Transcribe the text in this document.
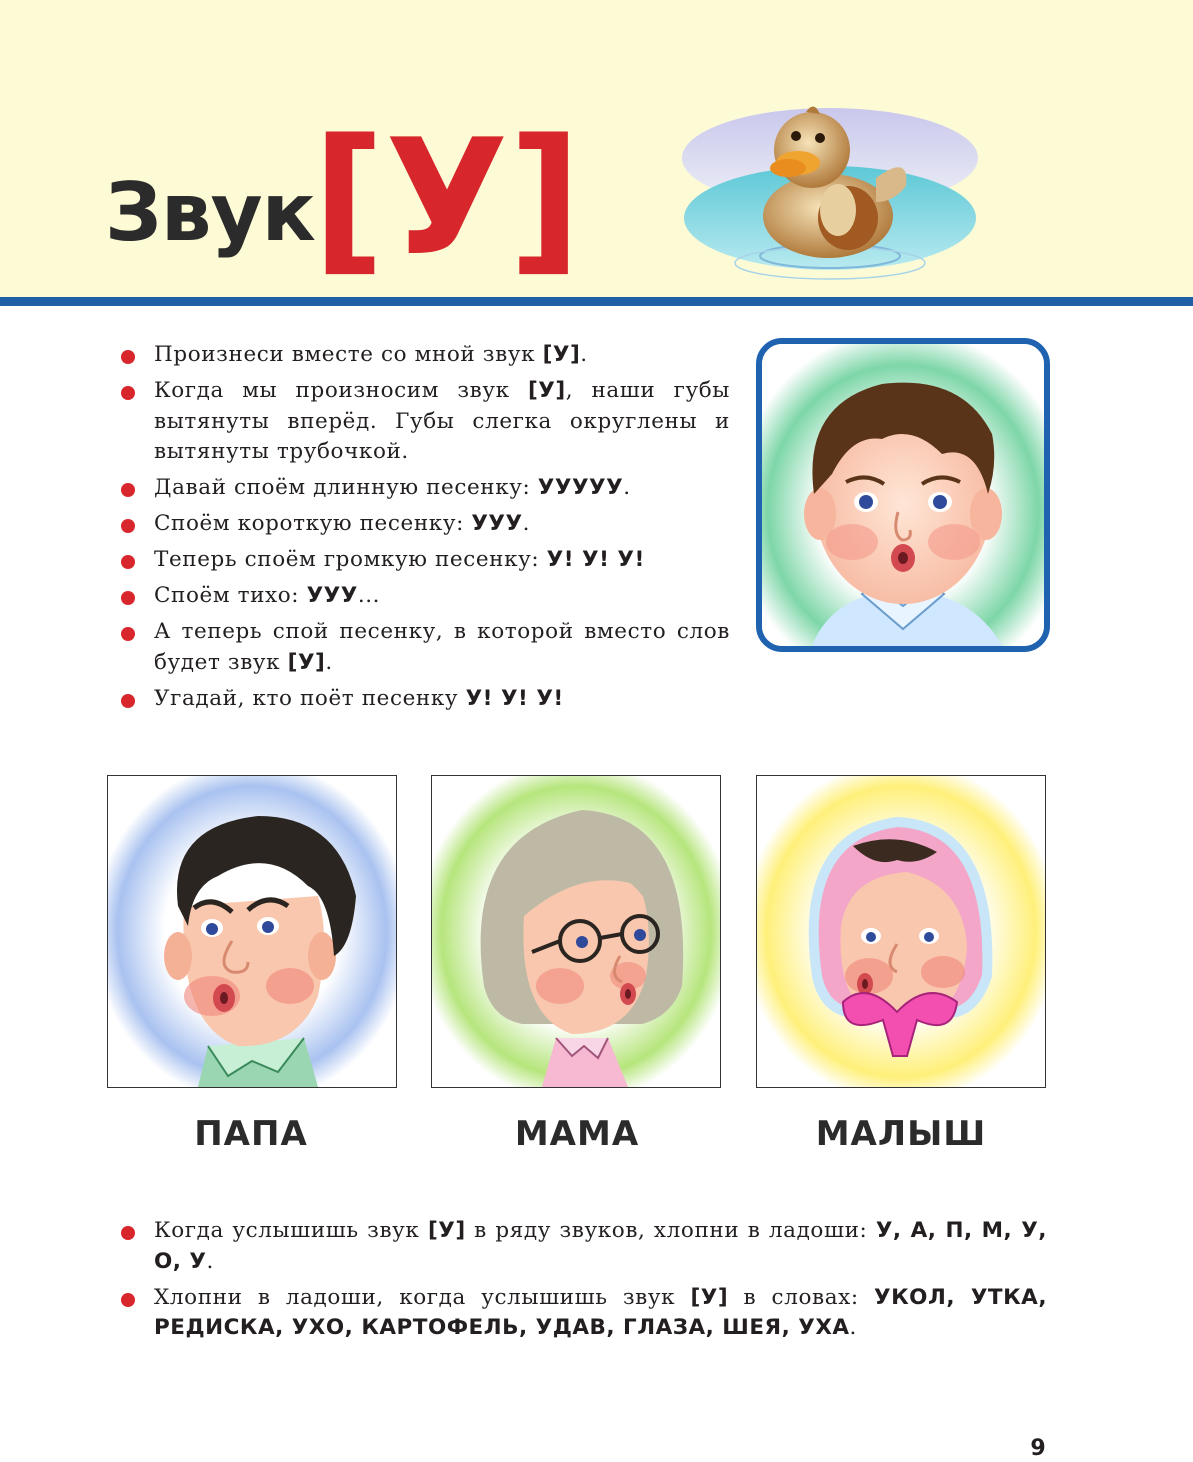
Звук
[У]
Произнеси вместе со мной звук [У].
Когда мы произносим звук [У], наши губы вытянуты вперёд. Губы слегка округлены и вытянуты трубочкой.
Давай споём длинную песенку: УУУУУ.
Споём короткую песенку: УУУ.
Теперь споём громкую песенку: У! У! У!
Споём тихо: УУУ...
А теперь спой песенку, в которой вместо слов будет звук [У].
Угадай, кто поёт песенку У! У! У!
ПАПА	МАМА	МАЛЫШ
Когда услышишь звук [У] в ряду звуков, хлопни в ладоши: У, А, П, М, У, О, У.
Хлопни в ладоши, когда услышишь звук [У] в словах: УКОЛ, УТКА, РЕДИСКА, УХО, КАРТОФЕЛЬ, УДАВ, ГЛАЗА, ШЕЯ, УХА.
9
